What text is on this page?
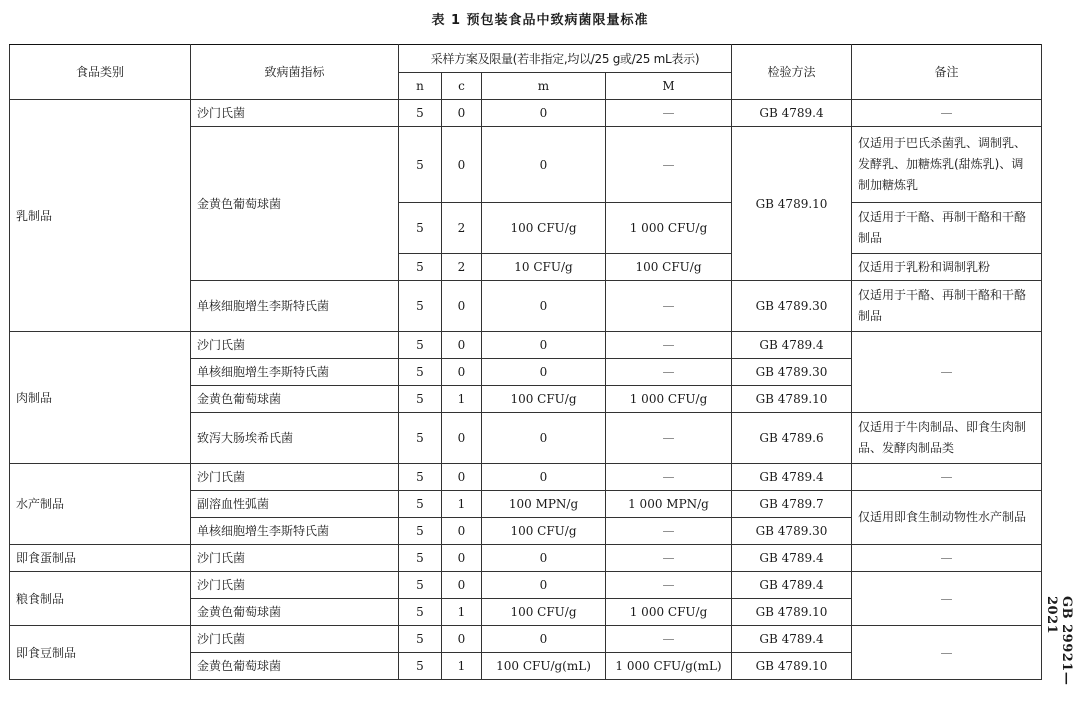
表 1 预包装食品中致病菌限量标准
食品类别	致病菌指标	采样方案及限量(若非指定,均以/25 g或/25 mL表示)				检验方法	备注
		n	c	m	M		
乳制品	沙门氏菌	5	0	0	—	GB 4789.4	—
	金黄色葡萄球菌	5	0	0	—	GB 4789.10	仅适用于巴氏杀菌乳、调制乳、发酵乳、加糖炼乳(甜炼乳)、调制加糖炼乳
		5	2	100 CFU/g	1 000 CFU/g		仅适用于干酪、再制干酪和干酪制品
		5	2	10 CFU/g	100 CFU/g		仅适用于乳粉和调制乳粉
	单核细胞增生李斯特氏菌	5	0	0	—	GB 4789.30	仅适用于干酪、再制干酪和干酪制品
肉制品	沙门氏菌	5	0	0	—	GB 4789.4	—
	单核细胞增生李斯特氏菌	5	0	0	—	GB 4789.30	
	金黄色葡萄球菌	5	1	100 CFU/g	1 000 CFU/g	GB 4789.10	
	致泻大肠埃希氏菌	5	0	0	—	GB 4789.6	仅适用于牛肉制品、即食生肉制品、发酵肉制品类
水产制品	沙门氏菌	5	0	0	—	GB 4789.4	—
	副溶血性弧菌	5	1	100 MPN/g	1 000 MPN/g	GB 4789.7	仅适用即食生制动物性水产制品
	单核细胞增生李斯特氏菌	5	0	100 CFU/g	—	GB 4789.30	
即食蛋制品	沙门氏菌	5	0	0	—	GB 4789.4	—
粮食制品	沙门氏菌	5	0	0	—	GB 4789.4	—
	金黄色葡萄球菌	5	1	100 CFU/g	1 000 CFU/g	GB 4789.10	
即食豆制品	沙门氏菌	5	0	0	—	GB 4789.4	—
	金黄色葡萄球菌	5	1	100 CFU/g(mL)	1 000 CFU/g(mL)	GB 4789.10		GB 29921—2021
